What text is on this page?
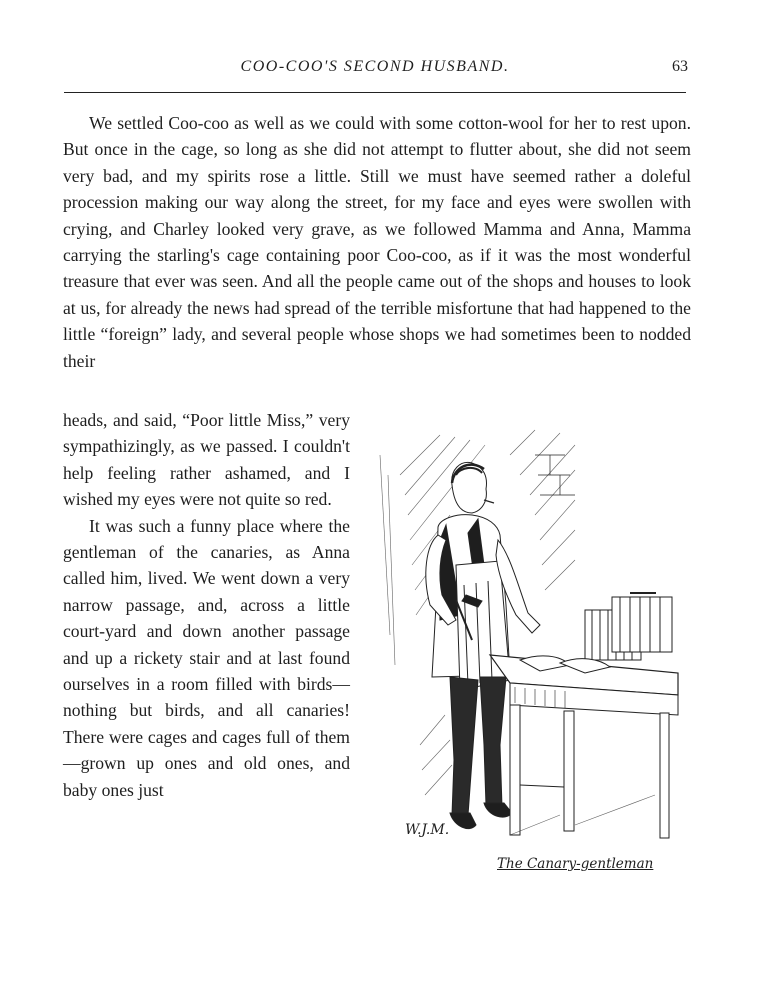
COO-COO'S SECOND HUSBAND.	63

We settled Coo-coo as well as we could with some cotton-wool for her to rest upon. But once in the cage, so long as she did not attempt to flutter about, she did not seem very bad, and my spirits rose a little. Still we must have seemed rather a doleful procession making our way along the street, for my face and eyes were swollen with crying, and Charley looked very grave, as we followed Mamma and Anna, Mamma carrying the starling's cage containing poor Coo-coo, as if it was the most wonderful treasure that ever was seen. And all the people came out of the shops and houses to look at us, for already the news had spread of the terrible misfortune that had happened to the little “foreign” lady, and several people whose shops we had sometimes been to nodded their

heads, and said, “Poor little Miss,” very sympathizingly, as we passed. I couldn't help feeling rather ashamed, and I wished my eyes were not quite so red.

It was such a funny place where the gentleman of the canaries, as Anna called him, lived. We went down a very narrow passage, and, across a little court-yard and down another passage and up a rickety stair and at last found ourselves in a room filled with birds—nothing but birds, and all canaries! There were cages and cages full of them—grown up ones and old ones, and baby ones just

W.J.M.
The Canary-gentleman
